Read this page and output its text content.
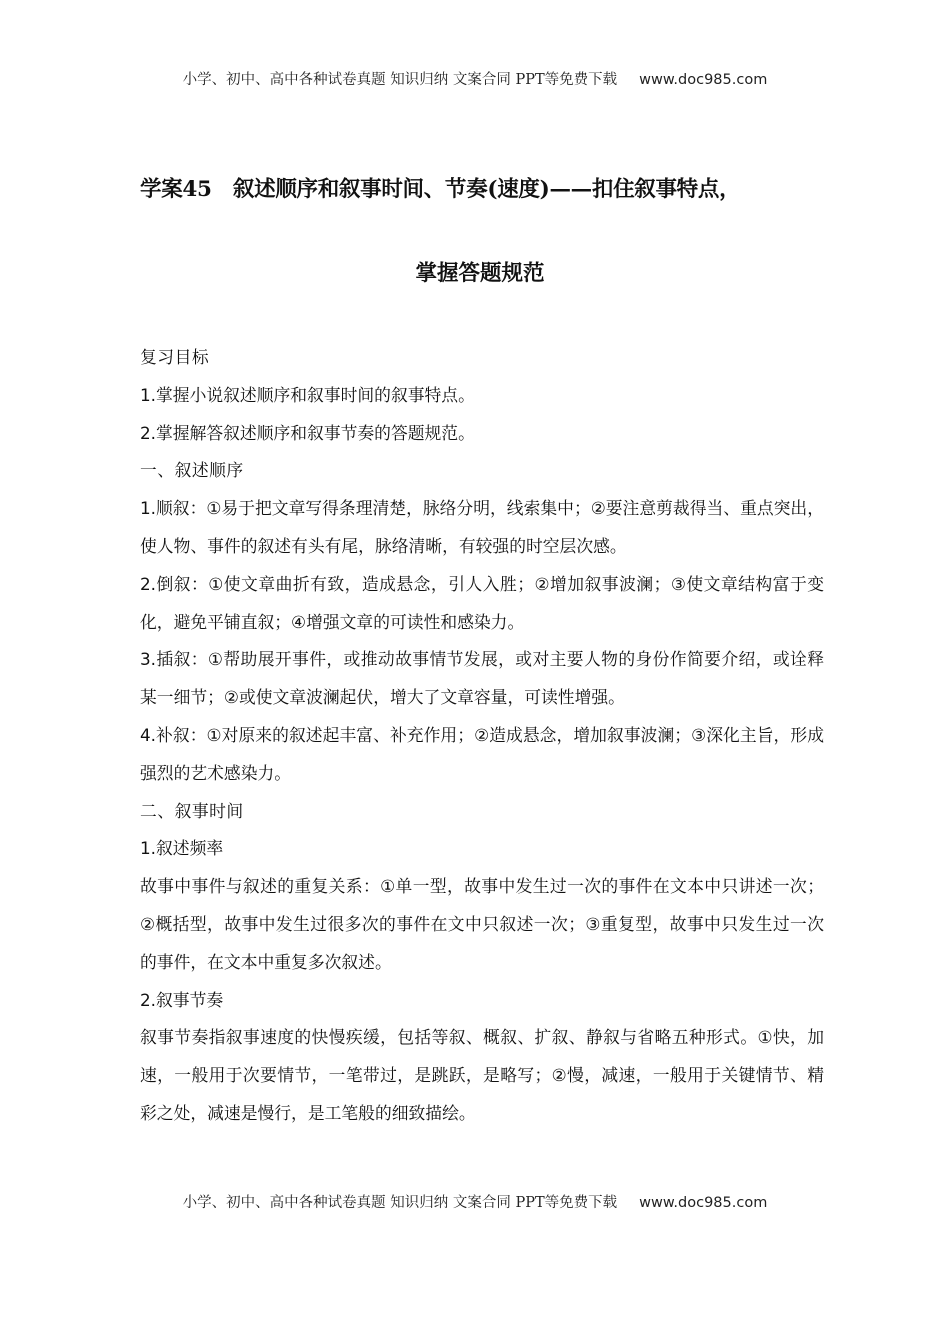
小学、初中、高中各种试卷真题 知识归纳 文案合同 PPT等免费下载 www.doc985.com
学案45　叙述顺序和叙事时间、节奏(速度)——扣住叙事特点，
掌握答题规范

复习目标

1.掌握小说叙述顺序和叙事时间的叙事特点。

2.掌握解答叙述顺序和叙事节奏的答题规范。

一、叙述顺序

1.顺叙：①易于把文章写得条理清楚，脉络分明，线索集中；②要注意剪裁得当、重点突出，使人物、事件的叙述有头有尾，脉络清晰，有较强的时空层次感。

2.倒叙：①使文章曲折有致，造成悬念，引人入胜；②增加叙事波澜；③使文章结构富于变化，避免平铺直叙；④增强文章的可读性和感染力。

3.插叙：①帮助展开事件，或推动故事情节发展，或对主要人物的身份作简要介绍，或诠释某一细节；②或使文章波澜起伏，增大了文章容量，可读性增强。

4.补叙：①对原来的叙述起丰富、补充作用；②造成悬念，增加叙事波澜；③深化主旨，形成强烈的艺术感染力。

二、叙事时间

1.叙述频率

故事中事件与叙述的重复关系：①单一型，故事中发生过一次的事件在文本中只讲述一次；②概括型，故事中发生过很多次的事件在文中只叙述一次；③重复型，故事中只发生过一次的事件，在文本中重复多次叙述。

2.叙事节奏

叙事节奏指叙事速度的快慢疾缓，包括等叙、概叙、扩叙、静叙与省略五种形式。①快，加速，一般用于次要情节，一笔带过，是跳跃，是略写；②慢，减速，一般用于关键情节、精彩之处，减速是慢行，是工笔般的细致描绘。

小学、初中、高中各种试卷真题 知识归纳 文案合同 PPT等免费下载 www.doc985.com
